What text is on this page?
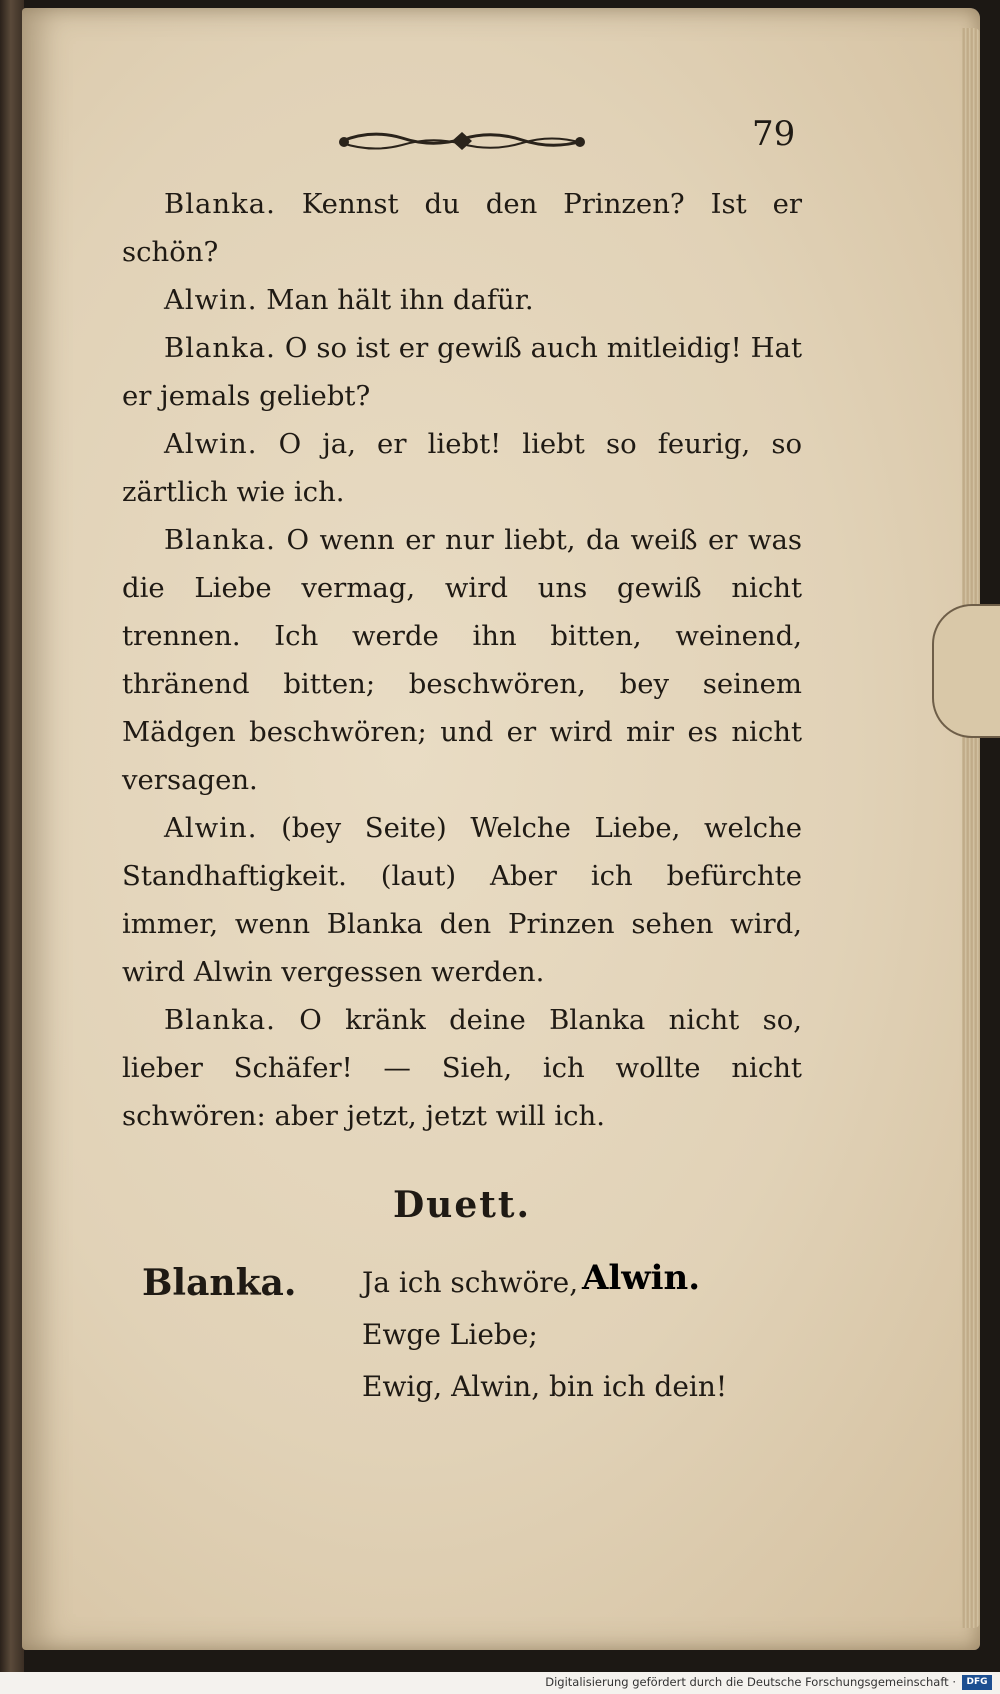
79

Blanka. Kennst du den Prinzen? Ist er schön?

Alwin. Man hält ihn dafür.

Blanka. O so ist er gewiß auch mitleidig! Hat er jemals geliebt?

Alwin. O ja, er liebt! liebt so feurig, so zärtlich wie ich.

Blanka. O wenn er nur liebt, da weiß er was die Liebe vermag, wird uns gewiß nicht trennen. Ich werde ihn bitten, weinend, thränend bitten; beschwören, bey seinem Mädgen beschwören; und er wird mir es nicht versagen.

Alwin. (bey Seite) Welche Liebe, welche Standhaftigkeit. (laut) Aber ich befürchte immer, wenn Blanka den Prinzen sehen wird, wird Alwin vergessen werden.

Blanka. O kränk deine Blanka nicht so, lieber Schäfer! — Sieh, ich wollte nicht schwören: aber jetzt, jetzt will ich.

Duett.
Blanka. Ja ich schwöre,
Ewge Liebe;
Ewig, Alwin, bin ich dein!
Alwin.
Digitalisierung gefördert durch die Deutsche Forschungsgemeinschaft ·	DFG
